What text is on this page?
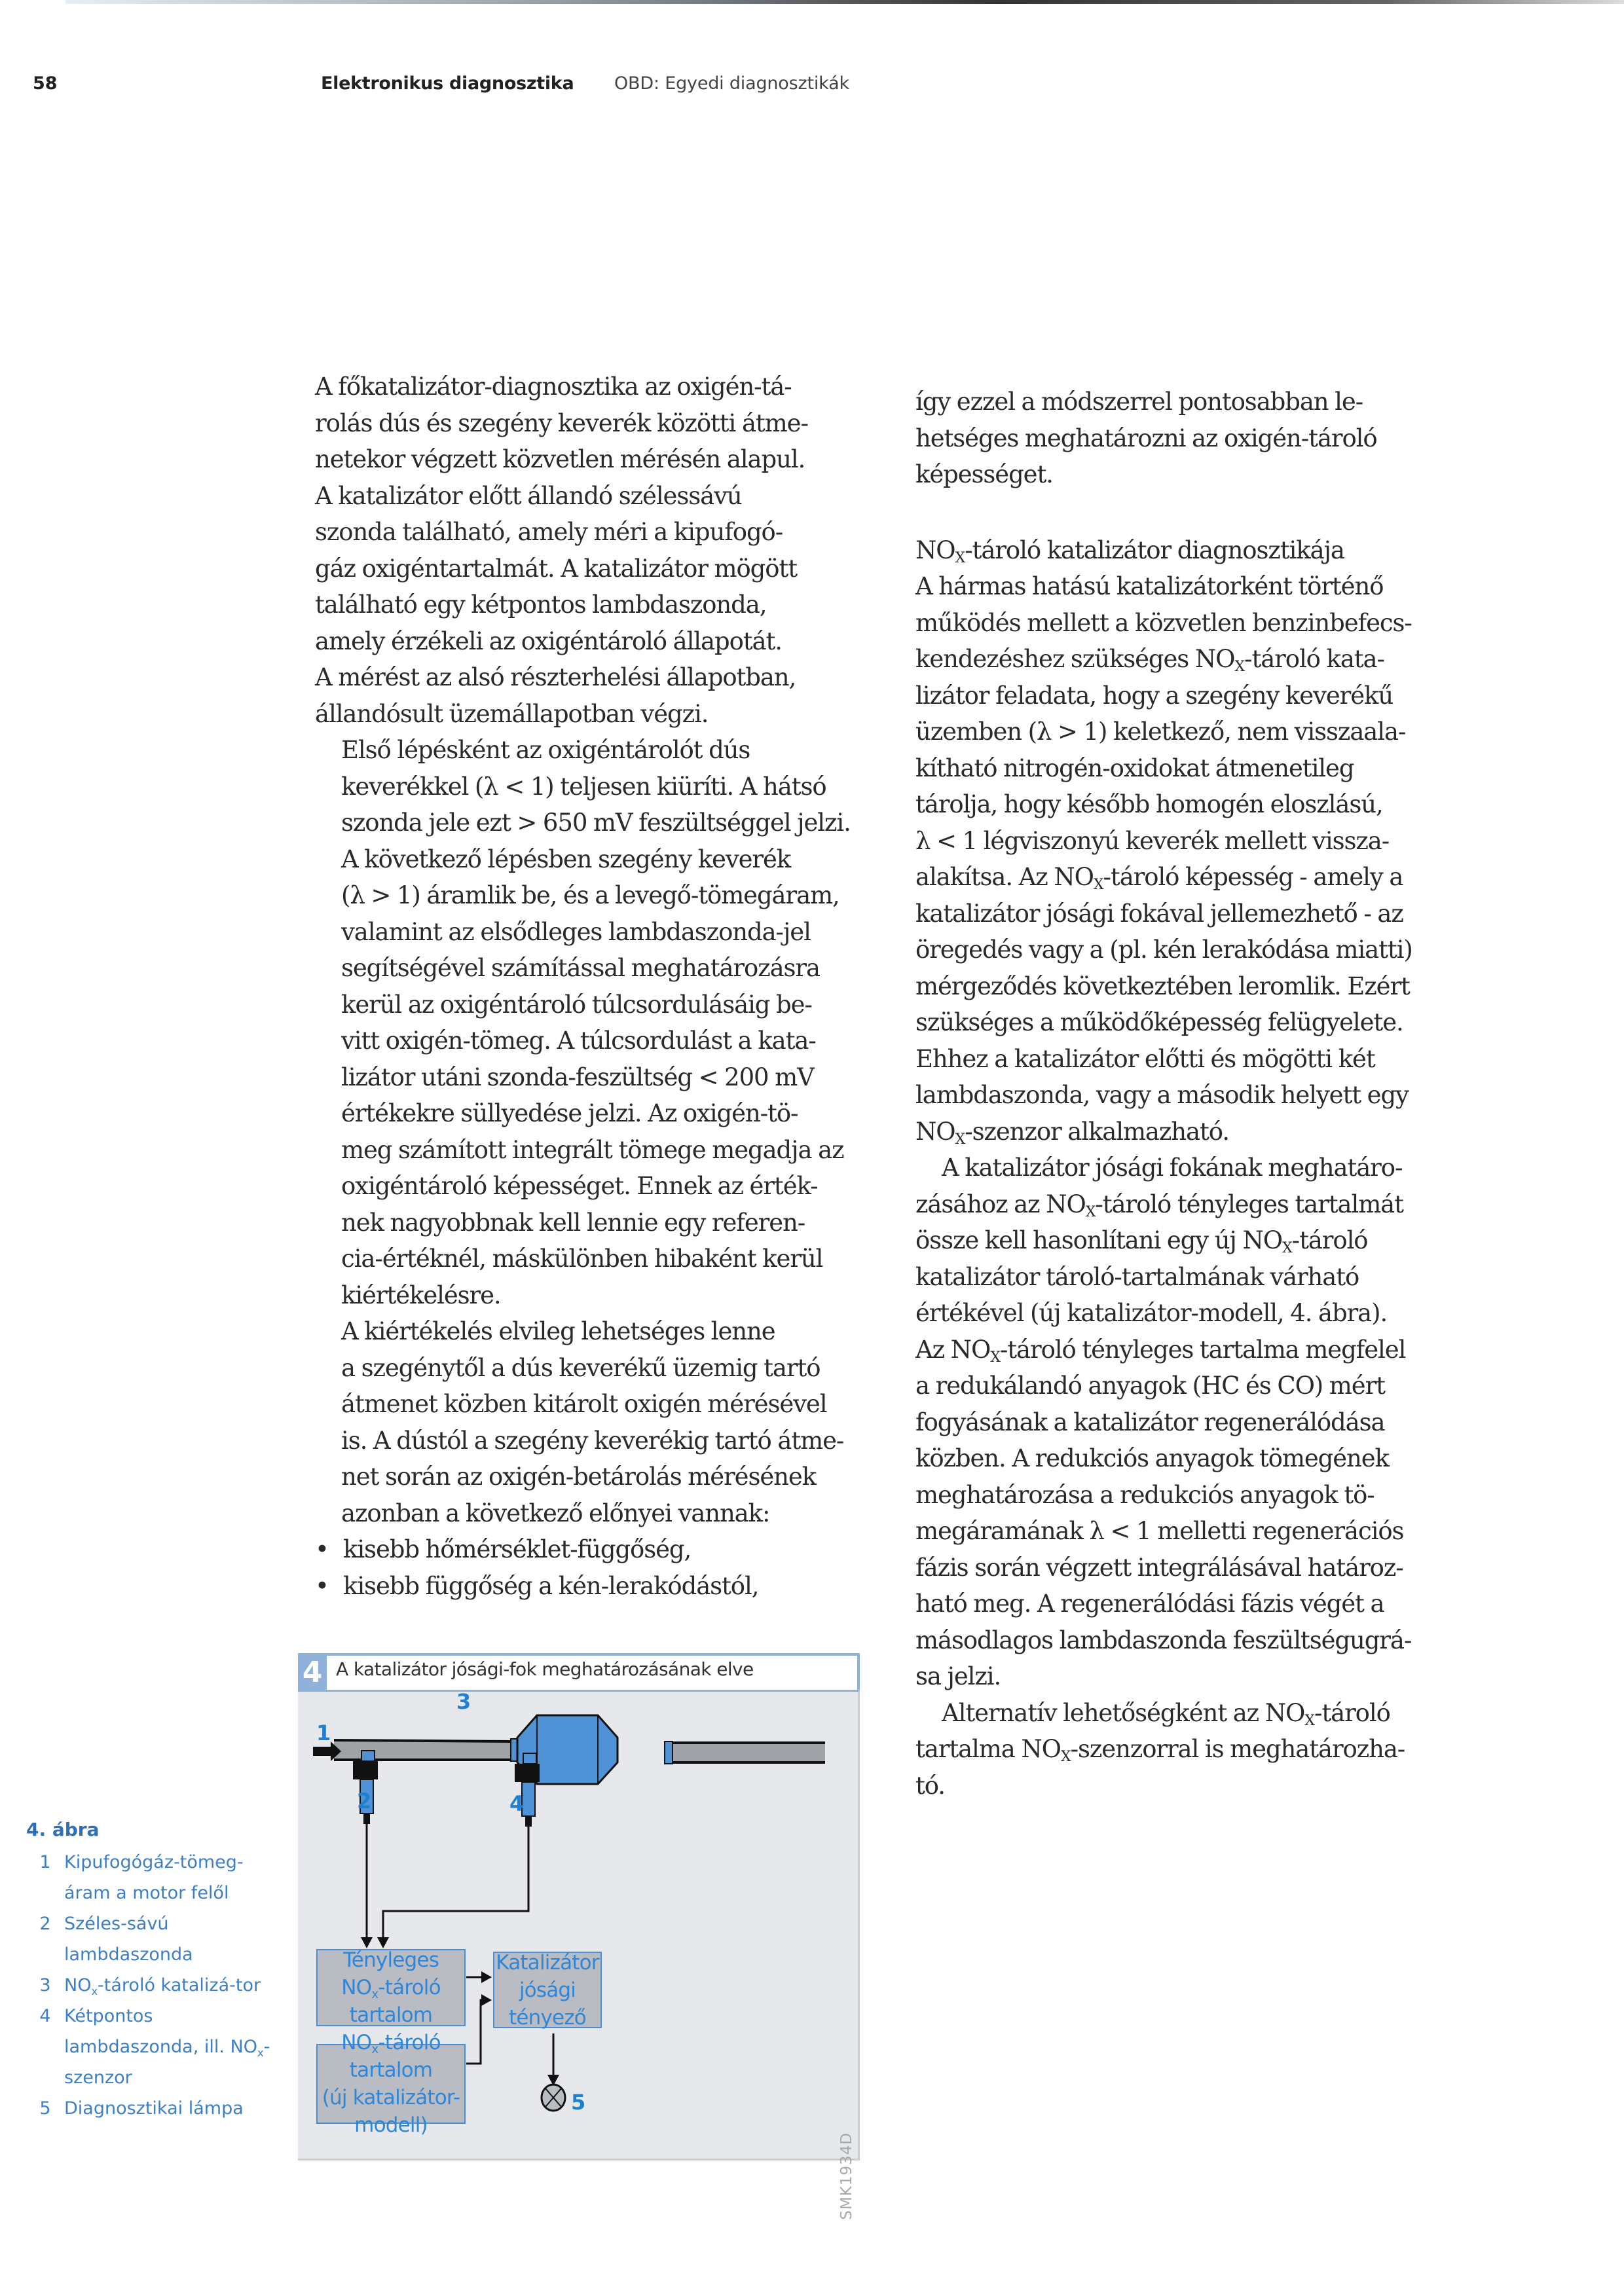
58	Elektronikus diagnosztika OBD: Egyedi diagnosztikák

A főkatalizátor-diagnosztika az oxigén-tá-
rolás dús és szegény keverék közötti átme-
netekor végzett közvetlen mérésén alapul.
A katalizátor előtt állandó szélessávú
szonda található, amely méri a kipufogó-
gáz oxigéntartalmát. A katalizátor mögött
található egy kétpontos lambdaszonda,
amely érzékeli az oxigéntároló állapotát.
A mérést az alsó részterhelési állapotban,
állandósult üzemállapotban végzi.

Első lépésként az oxigéntárolót dús
keverékkel (λ < 1) teljesen kiüríti. A hátsó
szonda jele ezt > 650 mV feszültséggel jelzi.
A következő lépésben szegény keverék
(λ > 1) áramlik be, és a levegő-tömegáram,
valamint az elsődleges lambdaszonda-jel
segítségével számítással meghatározásra
kerül az oxigéntároló túlcsordulásáig be-
vitt oxigén-tömeg. A túlcsordulást a kata-
lizátor utáni szonda-feszültség < 200 mV
értékekre süllyedése jelzi. Az oxigén-tö-
meg számított integrált tömege megadja az
oxigéntároló képességet. Ennek az érték-
nek nagyobbnak kell lennie egy referen-
cia-értéknél, máskülönben hibaként kerül
kiértékelésre.

A kiértékelés elvileg lehetséges lenne
a szegénytől a dús keverékű üzemig tartó
átmenet közben kitárolt oxigén mérésével
is. A dústól a szegény keverékig tartó átme-
net során az oxigén-betárolás mérésének
azonban a következő előnyei vannak:

• kisebb hőmérséklet-függőség,
• kisebb függőség a kén-lerakódástól,
így ezzel a módszerrel pontosabban le-
hetséges meghatározni az oxigén-tároló
képességet.
$NO_X$-tároló katalizátor diagnosztikája

A hármas hatású katalizátorként történő
működés mellett a közvetlen benzinbefecs-
kendezéshez szükséges $NO_X$-tároló kata-
lizátor feladata, hogy a szegény keverékű
üzemben (λ > 1) keletkező, nem visszaala-
kítható nitrogén-oxidokat átmenetileg
tárolja, hogy később homogén eloszlású,
λ < 1 légviszonyú keverék mellett vissza-
alakítsa. Az $NO_X$-tároló képesség - amely a
katalizátor jósági fokával jellemezhető - az
öregedés vagy a (pl. kén lerakódása miatti)
mérgeződés következtében leromlik. Ezért
szükséges a működőképesség felügyelete.
Ehhez a katalizátor előtti és mögötti két
lambdaszonda, vagy a második helyett egy
$NO_X$-szenzor alkalmazható.

A katalizátor jósági fokának meghatáro-
zásához az $NO_X$-tároló tényleges tartalmát
össze kell hasonlítani egy új $NO_X$-tároló
katalizátor tároló-tartalmának várható
értékével (új katalizátor-modell, 4. ábra).
Az $NO_X$-tároló tényleges tartalma megfelel
a redukálandó anyagok (HC és CO) mért
fogyásának a katalizátor regenerálódása
közben. A redukciós anyagok tömegének
meghatározása a redukciós anyagok tö-
megáramának λ < 1 melletti regenerációs
fázis során végzett integrálásával határoz-
ható meg. A regenerálódási fázis végét a
másodlagos lambdaszonda feszültségugrá-
sa jelzi.

Alternatív lehetőségként az $NO_X$-tároló
tartalma $NO_X$-szenzorral is meghatározha-
tó.

4 A katalizátor jósági-fok meghatározásának elve
1
2
3
4
5
Tényleges
$NO_x$-tároló tartalom
$NO_x$-tároló tartalom
(új katalizátor-modell)
Katalizátor
jósági tényező
SMK1934D
4. ábra
1 Kipufogógáz-tömeg-áram a motor felől
2 Széles-sávú lambdaszonda
3 $NO_x$-tároló katalizá-tor
4 Kétpontos lambdaszonda, ill. $NO_x$-szenzor
5 Diagnosztikai lámpa
